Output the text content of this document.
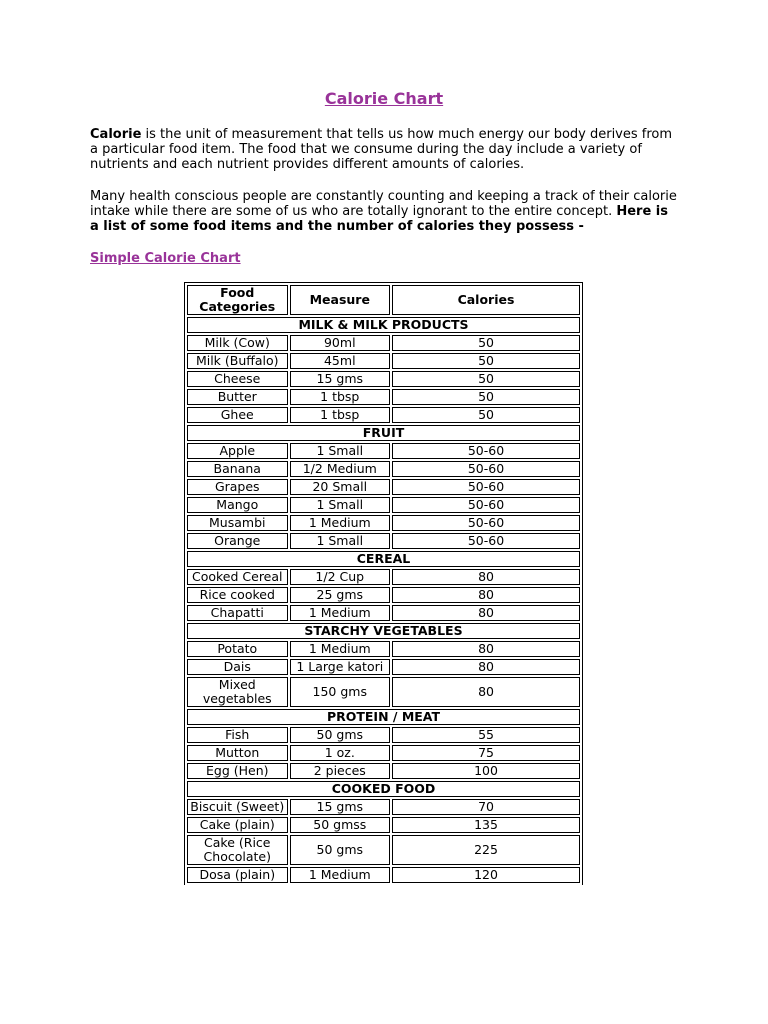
Calorie Chart

Calorie is the unit of measurement that tells us how much energy our body derives from a particular food item. The food that we consume during the day include a variety of nutrients and each nutrient provides different amounts of calories.

Many health conscious people are constantly counting and keeping a track of their calorie intake while there are some of us who are totally ignorant to the entire concept. Here is a list of some food items and the number of calories they possess -

Simple Calorie Chart

Food Categories	Measure	Calories
MILK & MILK PRODUCTS		
Milk (Cow)	90ml	50
Milk (Buffalo)	45ml	50
Cheese	15 gms	50
Butter	1 tbsp	50
Ghee	1 tbsp	50
FRUIT		
Apple	1 Small	50-60
Banana	1/2 Medium	50-60
Grapes	20 Small	50-60
Mango	1 Small	50-60
Musambi	1 Medium	50-60
Orange	1 Small	50-60
CEREAL		
Cooked Cereal	1/2 Cup	80
Rice cooked	25 gms	80
Chapatti	1 Medium	80
STARCHY VEGETABLES		
Potato	1 Medium	80
Dais	1 Large katori	80
Mixed vegetables	150 gms	80
PROTEIN / MEAT		
Fish	50 gms	55
Mutton	1 oz.	75
Egg (Hen)	2 pieces	100
COOKED FOOD		
Biscuit (Sweet)	15 gms	70
Cake (plain)	50 gmss	135
Cake (Rice Chocolate)	50 gms	225
Dosa (plain)	1 Medium	120
